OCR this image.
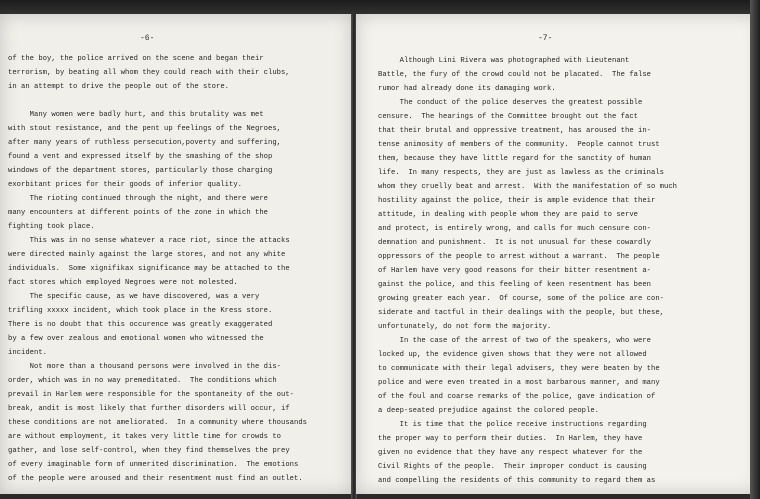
-6-
of the boy, the police arrived on the scene and began their
terrorism, by beating all whom they could reach with their clubs,
in an attempt to drive the people out of the store.
Many women were badly hurt, and this brutality was met
with stout resistance, and the pent up feelings of the Negroes,
after many years of ruthless persecution,poverty and suffering,
found a vent and expressed itself by the smashing of the shop
windows of the department stores, particularly those charging
exorbitant prices for their goods of inferior quality.
The rioting continued through the night, and there were
many encounters at different points of the zone in which the
fighting took place.
This was in no sense whatever a race riot, since the attacks
were directed mainly against the large stores, and not any white
individuals.  Some xignifikax significance may be attached to the
fact stores which employed Negroes were not molested.
The specific cause, as we have discovered, was a very
trifling xxxxx incident, which took place in the Kress store.
There is no doubt that this occurence was greatly exaggerated
by a few over zealous and emotional women who witnessed the
incident.
Not more than a thousand persons were involved in the dis-
order, which was in no way premeditated.  The conditions which
prevail in Harlem were responsible for the spontaneity of the out-
break, andit is most likely that further disorders will occur, if
these conditions are not ameliorated.  In a community where thousands
are without employment, it takes very little time for crowds to
gather, and lose self-control, when they find themselves the prey
of every imaginable form of unmerited discrimination.  The emotions
of the people were aroused and their resentment must find an outlet.
-7-
Although Lini Rivera was photographed with Lieutenant
Battle, the fury of the crowd could not be placated.  The false
rumor had already done its damaging work.
The conduct of the police deserves the greatest possible
censure.  The hearings of the Committee brought out the fact
that their brutal and oppressive treatment, has aroused the in-
tense animosity of members of the community.  People cannot trust
them, because they have little regard for the sanctity of human
life.  In many respects, they are just as lawless as the criminals
whom they cruelly beat and arrest.  With the manifestation of so much
hostility against the police, their is ample evidence that their
attitude, in dealing with people whom they are paid to serve
and protect, is entirely wrong, and calls for much censure con-
demnation and punishment.  It is not unusual for these cowardly
oppressors of the people to arrest without a warrant.  The people
of Harlem have very good reasons for their bitter resentment a-
gainst the police, and this feeling of keen resentment has been
growing greater each year.  Of course, some of the police are con-
siderate and tactful in their dealings with the people, but these,
unfortunately, do not form the majority.
In the case of the arrest of two of the speakers, who were
locked up, the evidence given shows that they were not allowed
to communicate with their legal advisers, they were beaten by the
police and were even treated in a most barbarous manner, and many
of the foul and coarse remarks of the police, gave indication of
a deep-seated prejudice against the colored people.
It is time that the police receive instructions regarding
the proper way to perform their duties.  In Harlem, they have
given no evidence that they have any respect whatever for the
Civil Rights of the people.  Their improper conduct is causing
and compelling the residents of this community to regard them as
